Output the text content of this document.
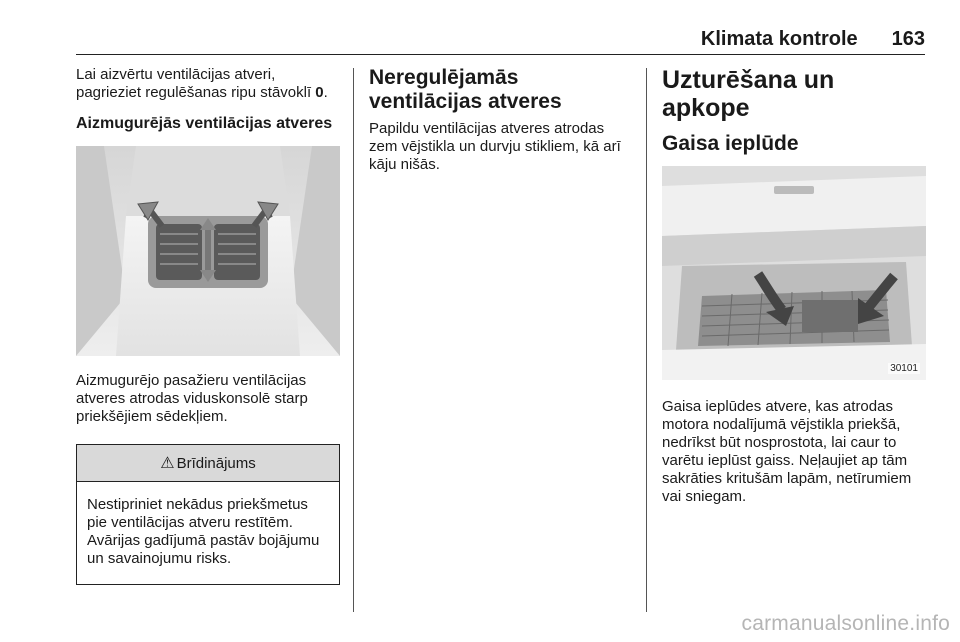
Klimata kontrole 163

Lai aizvērtu ventilācijas atveri, pagrieziet regulēšanas ripu stāvoklī 0.

Aizmugurējās ventilācijas atveres

Aizmugurējo pasažieru ventilācijas atveres atrodas viduskonsolē starp priekšējiem sēdekļiem.

⚠ Brīdinājums

Nestipriniet nekādus priekšmetus pie ventilācijas atveru restītēm. Avārijas gadījumā pastāv bojājumu un savainojumu risks.

Neregulējamās ventilācijas atveres

Papildu ventilācijas atveres atrodas zem vējstikla un durvju stikliem, kā arī kāju nišās.

Uzturēšana un apkope
Gaisa ieplūde
30101

Gaisa ieplūdes atvere, kas atrodas motora nodalījumā vējstikla priekšā, nedrīkst būt nosprostota, lai caur to varētu ieplūst gaiss. Neļaujiet ap tām sakrāties kritušām lapām, netīrumiem vai sniegam.

carmanualsonline.info
